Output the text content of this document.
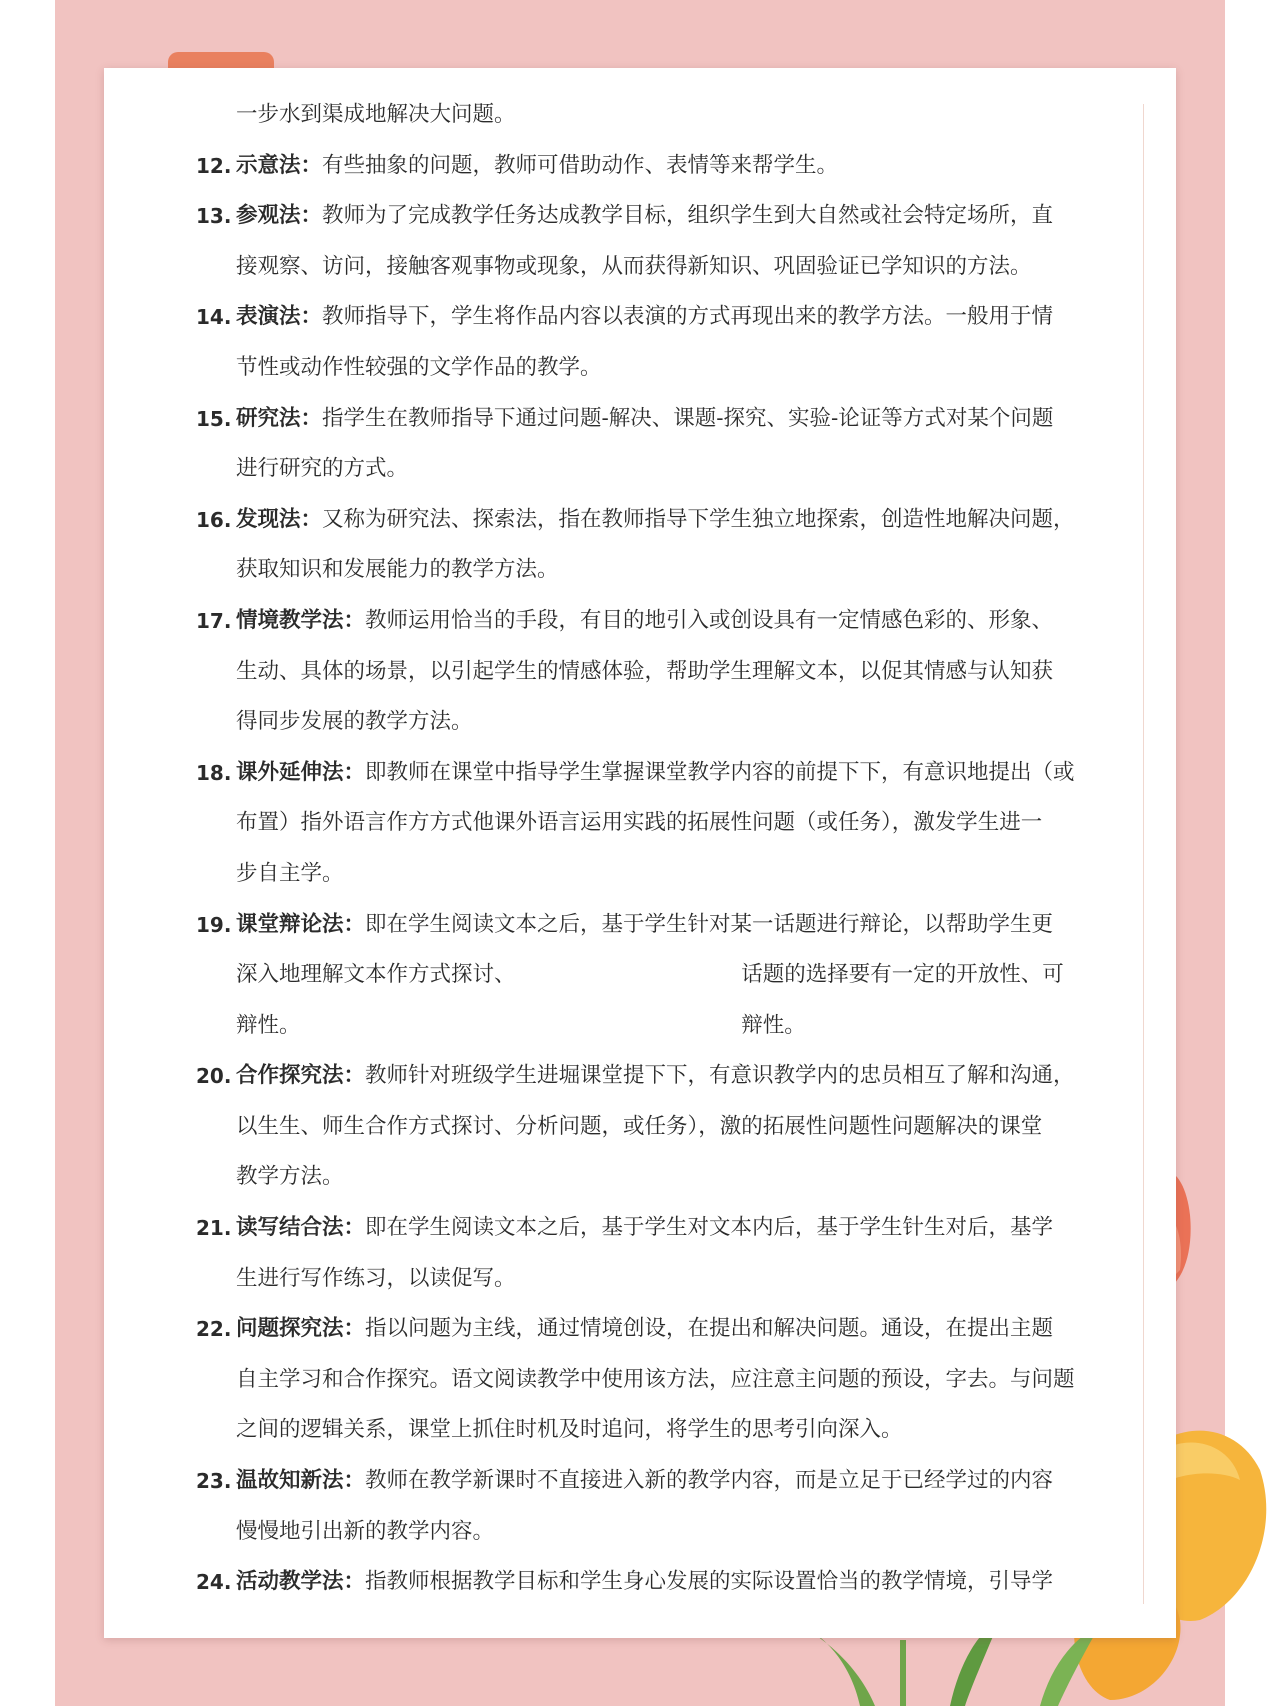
一步水到渠成地解决大问题。
12. 示意法：有些抽象的问题，教师可借助动作、表情等来帮学生。
13. 参观法：教师为了完成教学任务达成教学目标，组织学生到大自然或社会特定场所，直
接观察、访问，接触客观事物或现象，从而获得新知识、巩固验证已学知识的方法。
14. 表演法：教师指导下，学生将作品内容以表演的方式再现出来的教学方法。一般用于情
节性或动作性较强的文学作品的教学。
15. 研究法：指学生在教师指导下通过问题-解决、课题-探究、实验-论证等方式对某个问题
进行研究的方式。
16. 发现法：又称为研究法、探索法，指在教师指导下学生独立地探索，创造性地解决问题，
获取知识和发展能力的教学方法。
17. 情境教学法：教师运用恰当的手段，有目的地引入或创设具有一定情感色彩的、形象、
生动、具体的场景，以引起学生的情感体验，帮助学生理解文本，以促其情感与认知获
得同步发展的教学方法。
18. 课外延伸法：即教师在课堂中指导学生掌握课堂教学内容的前提下下，有意识地提出（或
布置）指外语言作方方式他课外语言运用实践的拓展性问题（或任务），激发学生进一
步自主学。
19. 课堂辩论法：即在学生阅读文本之后，基于学生针对某一话题进行辩论，以帮助学生更
深入地理解文本作方式探讨、　　　　　　　　　　　话题的选择要有一定的开放性、可
辩性。　　　　　　　　　　　　　　　　　　　　　辩性。
20. 合作探究法：教师针对班级学生进堀课堂提下下，有意识教学内的忠员相互了解和沟通，
以生生、师生合作方式探讨、分析问题，或任务），激的拓展性问题性问题解决的课堂
教学方法。
21. 读写结合法：即在学生阅读文本之后，基于学生对文本内后，基于学生针生对后，基学
生进行写作练习，以读促写。
22. 问题探究法：指以问题为主线，通过情境创设，在提出和解决问题。通设，在提出主题
自主学习和合作探究。语文阅读教学中使用该方法，应注意主问题的预设，字去。与问题
之间的逻辑关系，课堂上抓住时机及时追问，将学生的思考引向深入。
23. 温故知新法：教师在教学新课时不直接进入新的教学内容，而是立足于已经学过的内容
慢慢地引出新的教学内容。
24. 活动教学法：指教师根据教学目标和学生身心发展的实际设置恰当的教学情境，引导学
